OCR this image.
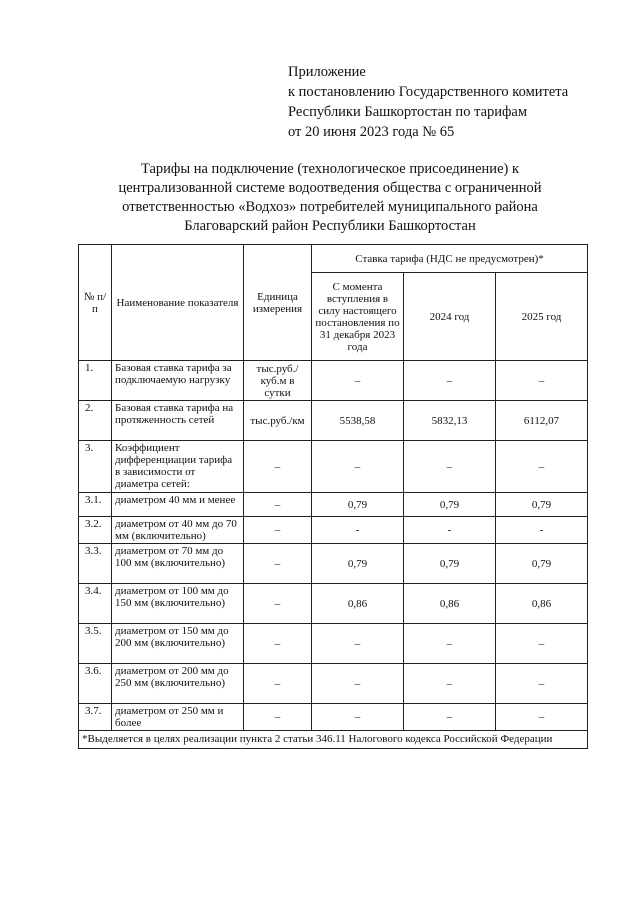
Приложение
к постановлению Государственного комитета
Республики Башкортостан по тарифам
от 20 июня 2023 года № 65
Тарифы на подключение (технологическое присоединение) к централизованной системе водоотведения общества с ограниченной ответственностью «Водхоз» потребителей муниципального района Благоварский район Республики Башкортостан
№ п/п	Наименование показателя	Единица измерения	Ставка тарифа (НДС не предусмотрен)*		
			С момента вступления в силу настоящего постановления по 31 декабря 2023 года	2024 год	2025 год
1.	Базовая ставка тарифа за подключаемую нагрузку	тыс.руб./ куб.м в сутки	–	–	–
2.	Базовая ставка тарифа на протяженность сетей	тыс.руб./км	5538,58	5832,13	6112,07
3.	Коэффициент дифференциации тарифа в зависимости от диаметра сетей:	–	–	–	–
3.1.	диаметром 40 мм и менее	–	0,79	0,79	0,79
3.2.	диаметром от 40 мм до 70 мм (включительно)	–	-	-	-
3.3.	диаметром от 70 мм до 100 мм (включительно)	–	0,79	0,79	0,79
3.4.	диаметром от 100 мм до 150 мм (включительно)	–	0,86	0,86	0,86
3.5.	диаметром от 150 мм до 200 мм (включительно)	–	–	–	–
3.6.	диаметром от 200 мм до 250 мм (включительно)	–	–	–	–
3.7.	диаметром от 250 мм и более	–	–	–	–
*Выделяется в целях реализации пункта 2 статьи 346.11 Налогового кодекса Российской Федерации					
